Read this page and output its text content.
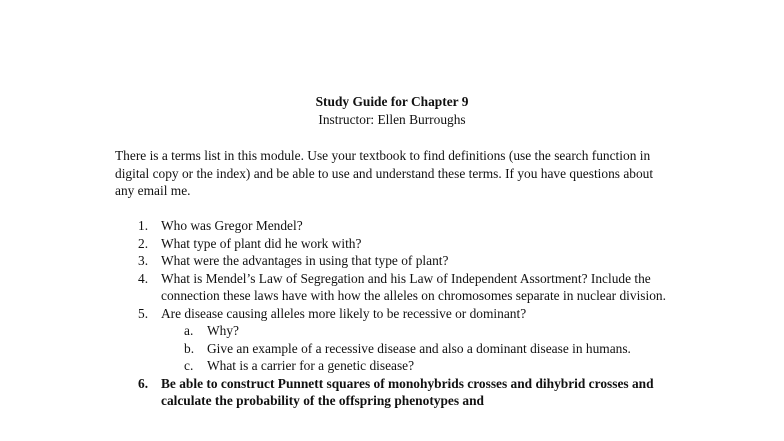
Study Guide for Chapter 9
Instructor: Ellen Burroughs

There is a terms list in this module. Use your textbook to find definitions (use the search function in digital copy or the index) and be able to use and understand these terms. If you have questions about any email me.

1. Who was Gregor Mendel?
2. What type of plant did he work with?
3. What were the advantages in using that type of plant?
4. What is Mendel’s Law of Segregation and his Law of Independent Assortment? Include the connection these laws have with how the alleles on chromosomes separate in nuclear division.
5. Are disease causing alleles more likely to be recessive or dominant?
a. Why?
b. Give an example of a recessive disease and also a dominant disease in humans.
c. What is a carrier for a genetic disease?
6. Be able to construct Punnett squares of monohybrids crosses and dihybrid crosses and calculate the probability of the offspring phenotypes and
